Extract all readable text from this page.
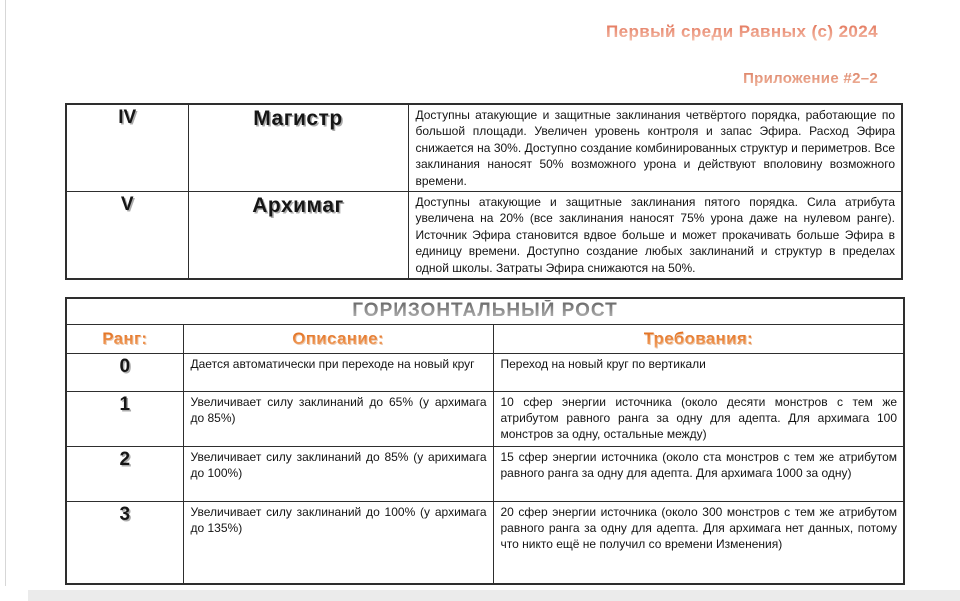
Первый среди Равных (с) 2024
Приложение #2–2
IV	Магистр	Доступны атакующие и защитные заклинания четвёртого порядка, работающие по большой площади. Увеличен уровень контроля и запас Эфира. Расход Эфира снижается на 30%. Доступно создание комбинированных структур и периметров. Все заклинания наносят 50% возможного урона и действуют вполовину возможного времени.
V	Архимаг	Доступны атакующие и защитные заклинания пятого порядка. Сила атрибута увеличена на 20% (все заклинания наносят 75% урона даже на нулевом ранге). Источник Эфира становится вдвое больше и может прокачивать больше Эфира в единицу времени. Доступно создание любых заклинаний и структур в пределах одной школы. Затраты Эфира снижаются на 50%.
ГОРИЗОНТАЛЬНЫЙ РОСТ		
Ранг:	Описание:	Требования:
0	Дается автоматически при переходе на новый круг	Переход на новый круг по вертикали
1	Увеличивает силу заклинаний до 65% (у архимага до 85%)	10 сфер энергии источника (около десяти монстров с тем же атрибутом равного ранга за одну для адепта. Для архимага 100 монстров за одну, остальные между)
2	Увеличивает силу заклинаний до 85% (у арихимага до 100%)	15 сфер энергии источника (около ста монстров с тем же атрибутом равного ранга за одну для адепта. Для архимага 1000 за одну)
3	Увеличивает силу заклинаний до 100% (у архимага до 135%)	20 сфер энергии источника (около 300 монстров с тем же атрибутом равного ранга за одну для адепта. Для архимага нет данных, потому что никто ещё не получил со времени Изменения)
